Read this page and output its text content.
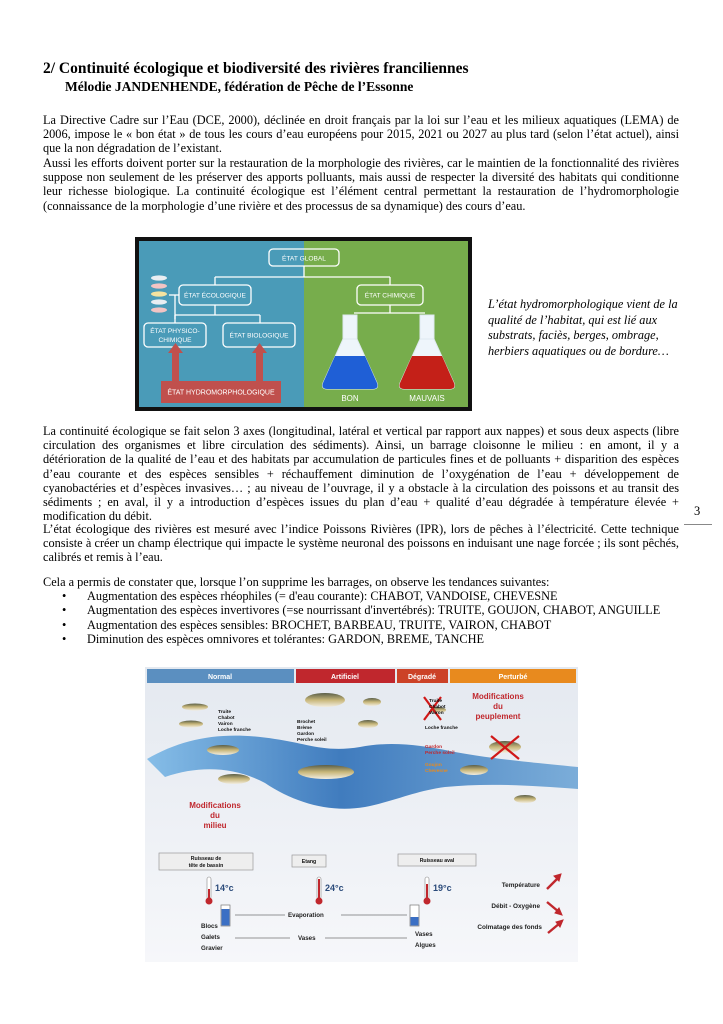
2/ Continuité écologique et biodiversité des rivières franciliennes
Mélodie JANDENHENDE, fédération de Pêche de l’Essonne

La Directive Cadre sur l’Eau (DCE, 2000), déclinée en droit français par la loi sur l’eau et les milieux aquatiques (LEMA) de 2006, impose le « bon état » de tous les cours d’eau européens pour 2015, 2021 ou 2027 au plus tard (selon l’état actuel), ainsi que la non dégradation de l’existant.

Aussi les efforts doivent porter sur la restauration de la morphologie des rivières, car le maintien de la fonctionnalité des rivières suppose non seulement de les préserver des apports polluants, mais aussi de respecter la diversité des habitats qui conditionne leur richesse biologique. La continuité écologique est l’élément central permettant la restauration de l’hydromorphologie (connaissance de la morphologie d’une rivière et des processus de sa dynamique) des cours d’eau.

ÉTAT GLOBAL
ÉTAT ÉCOLOGIQUE	ÉTAT CHIMIQUE
ÉTAT PHYSICO-
CHIMIQUE
ÉTAT BIOLOGIQUE
ÉTAT HYDROMORPHOLOGIQUE
BON	MAUVAIS

L’état hydromorphologique vient de la qualité de l’habitat, qui est lié aux substrats, faciès, berges, ombrage, herbiers aquatiques ou de bordure…

La continuité écologique se fait selon 3 axes (longitudinal, latéral et vertical par rapport aux nappes) et sous deux aspects (libre circulation des organismes et libre circulation des sédiments). Ainsi, un barrage cloisonne le milieu : en amont, il y a détérioration de la qualité de l’eau et des habitats par accumulation de particules fines et de polluants + disparition des espèces d’eau courante et des espèces sensibles + réchauffement diminution de l’oxygénation de l’eau + développement de cyanobactéries et d’espèces invasives… ; au niveau de l’ouvrage, il y a obstacle à la circulation des poissons et au transit des sédiments ; en aval, il y a introduction d’espèces issues du plan d’eau + qualité d’eau dégradée à température élevée + modification du débit.

L’état écologique des rivières est mesuré avec l’indice Poissons Rivières (IPR), lors de pêches à l’électricité. Cette technique consiste à créer un champ électrique qui impacte le système neuronal des poissons en induisant une nage forcée ; ils sont pêchés, calibrés et remis à l’eau.

Cela a permis de constater que, lorsque l’on supprime les barrages, on observe les tendances suivantes:

3
• Augmentation des espèces rhéophiles (= d'eau courante): CHABOT, VANDOISE, CHEVESNE
• Augmentation des espèces invertivores (=se nourrissant d'invertébrés): TRUITE, GOUJON, CHABOT, ANGUILLE
• Augmentation des espèces sensibles: BROCHET, BARBEAU, TRUITE, VAIRON, CHABOT
• Diminution des espèces omnivores et tolérantes: GARDON, BREME, TANCHE
Normal	Artificiel	Dégradé	Perturbé
Truite
Chabot
Vairon
Loche franche
Brochet
Brème
Gardon
Perche soleil
Truite
Chabot
Vairon
Loche franche
Gardon
Perche soleil
Goujon
Chevesne
Modifications
du
peuplement
Modifications
du
milieu
Ruisseau de
tête de bassin
Etang	Ruisseau aval
14°c	24°c	19°c
Evaporation
Blocs
Galets
Gravier
Vases
Vases
Algues
Température
Débit - Oxygène
Colmatage des fonds
